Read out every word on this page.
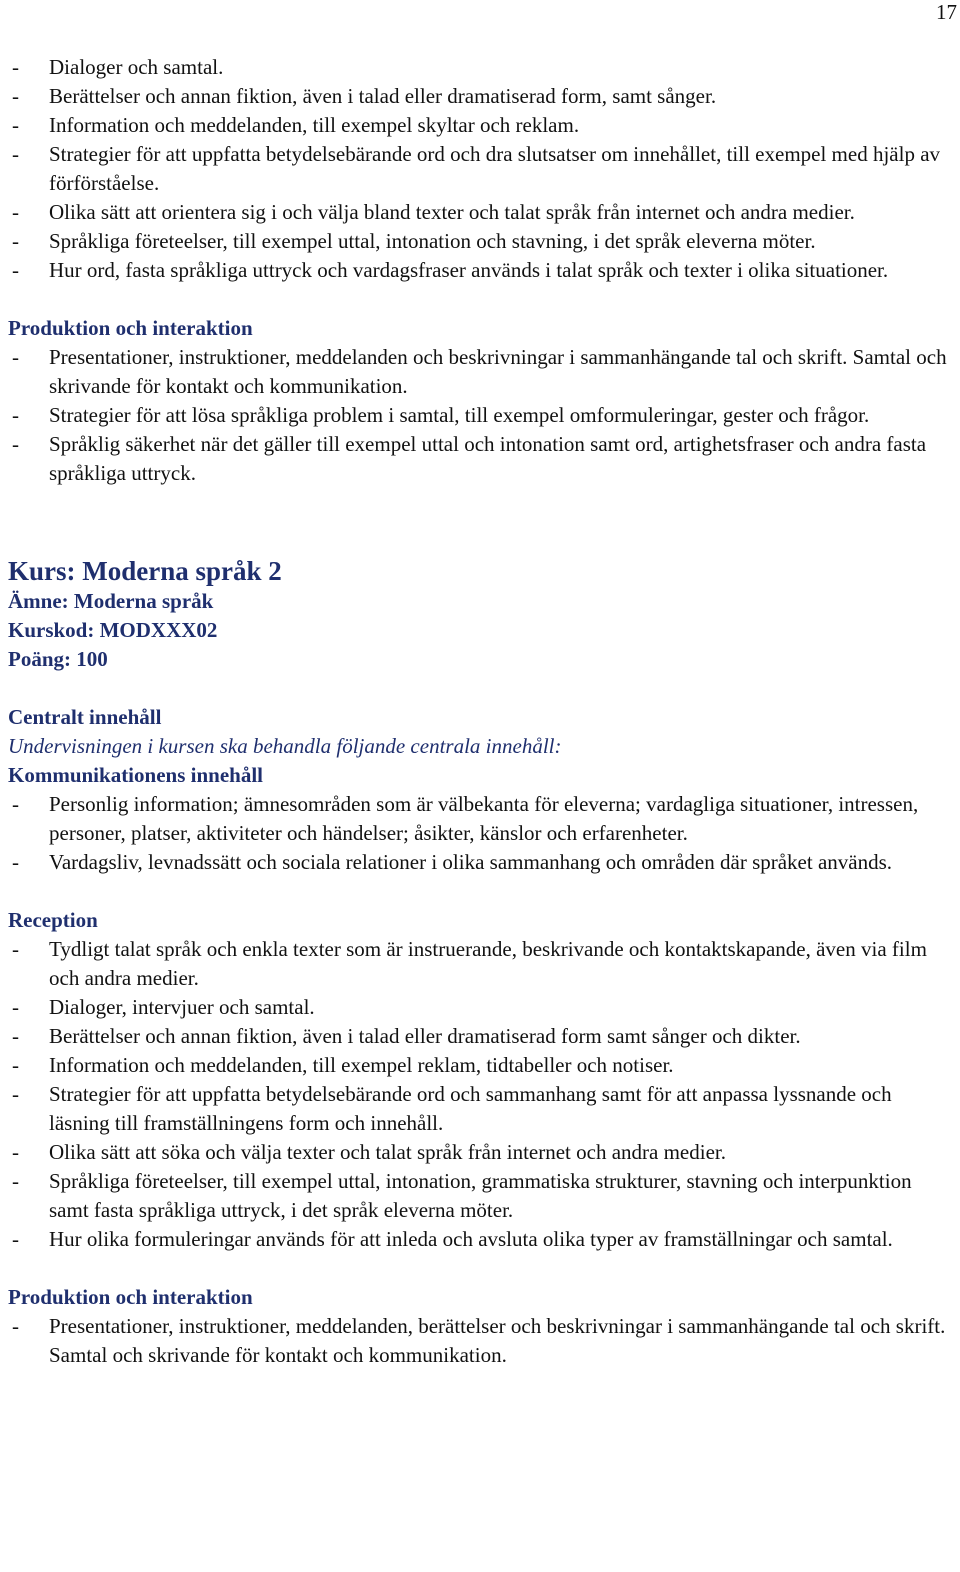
17
- Dialoger och samtal.
- Berättelser och annan fiktion, även i talad eller dramatiserad form, samt sånger.
- Information och meddelanden, till exempel skyltar och reklam.
- Strategier för att uppfatta betydelsebärande ord och dra slutsatser om innehållet, till exempel med hjälp av förförståelse.
- Olika sätt att orientera sig i och välja bland texter och talat språk från internet och andra medier.
- Språkliga företeelser, till exempel uttal, intonation och stavning, i det språk eleverna möter.
- Hur ord, fasta språkliga uttryck och vardagsfraser används i talat språk och texter i olika situationer.
Produktion och interaktion
- Presentationer, instruktioner, meddelanden och beskrivningar i sammanhängande tal och skrift. Samtal och skrivande för kontakt och kommunikation.
- Strategier för att lösa språkliga problem i samtal, till exempel omformuleringar, gester och frågor.
- Språklig säkerhet när det gäller till exempel uttal och intonation samt ord, artighetsfraser och andra fasta språkliga uttryck.
Kurs: Moderna språk 2
Ämne: Moderna språk
Kurskod: MODXXX02
Poäng: 100
Centralt innehåll
Undervisningen i kursen ska behandla följande centrala innehåll:
Kommunikationens innehåll
- Personlig information; ämnesområden som är välbekanta för eleverna; vardagliga situationer, intressen, personer, platser, aktiviteter och händelser; åsikter, känslor och erfarenheter.
- Vardagsliv, levnadssätt och sociala relationer i olika sammanhang och områden där språket används.
Reception
- Tydligt talat språk och enkla texter som är instruerande, beskrivande och kontaktskapande, även via film och andra medier.
- Dialoger, intervjuer och samtal.
- Berättelser och annan fiktion, även i talad eller dramatiserad form samt sånger och dikter.
- Information och meddelanden, till exempel reklam, tidtabeller och notiser.
- Strategier för att uppfatta betydelsebärande ord och sammanhang samt för att anpassa lyssnande och läsning till framställningens form och innehåll.
- Olika sätt att söka och välja texter och talat språk från internet och andra medier.
- Språkliga företeelser, till exempel uttal, intonation, grammatiska strukturer, stavning och interpunktion samt fasta språkliga uttryck, i det språk eleverna möter.
- Hur olika formuleringar används för att inleda och avsluta olika typer av framställningar och samtal.
Produktion och interaktion
- Presentationer, instruktioner, meddelanden, berättelser och beskrivningar i sammanhängande tal och skrift. Samtal och skrivande för kontakt och kommunikation.
